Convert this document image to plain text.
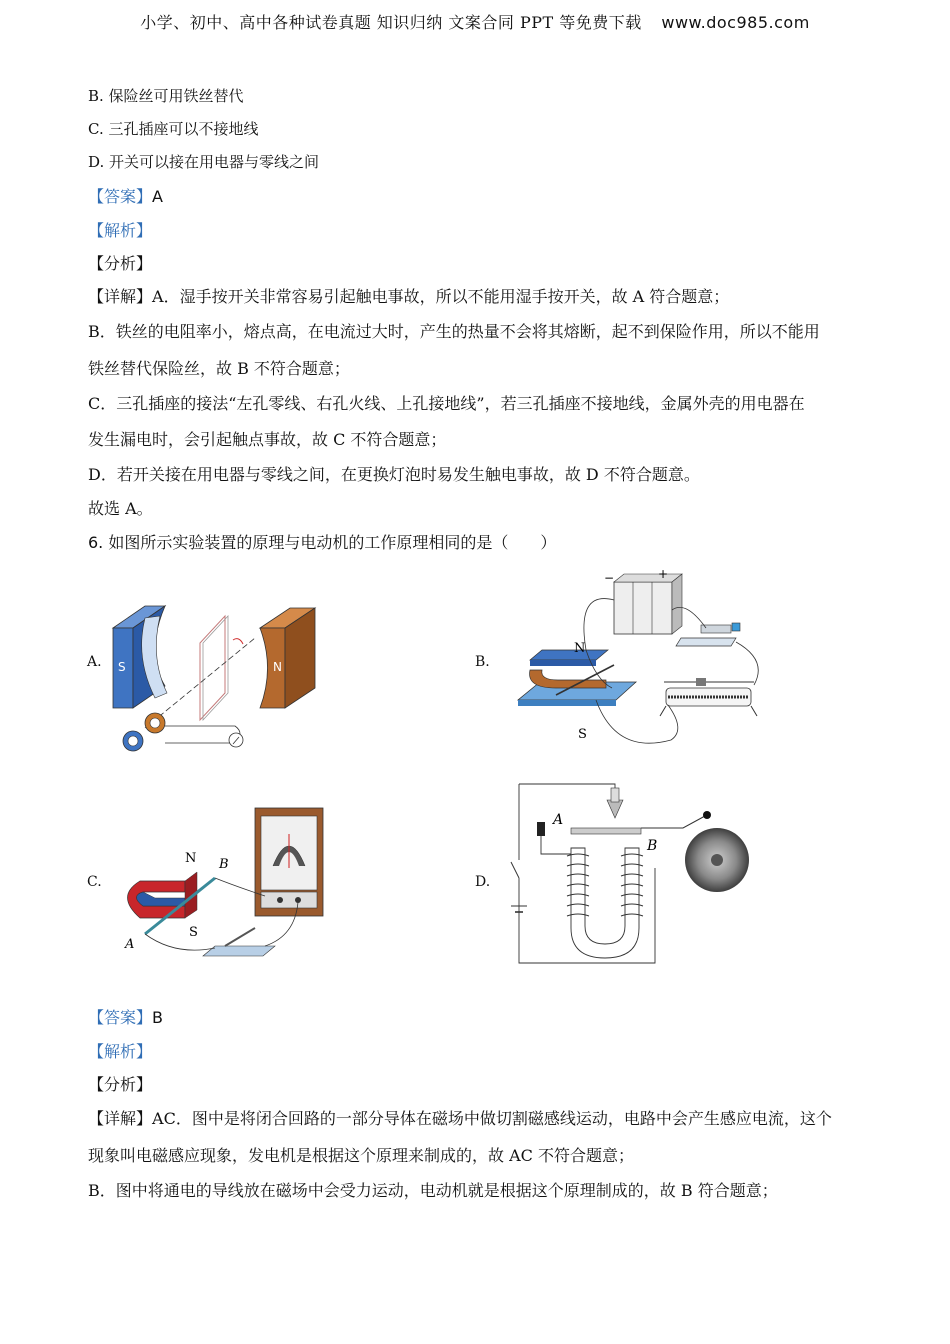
小学、初中、高中各种试卷真题 知识归纳 文案合同 PPT 等免费下载 www.doc985.com
B. 保险丝可用铁丝替代
C. 三孔插座可以不接地线
D. 开关可以接在用电器与零线之间
【答案】A
【解析】
【分析】
【详解】A．湿手按开关非常容易引起触电事故，所以不能用湿手按开关，故 A 符合题意；
B．铁丝的电阻率小，熔点高，在电流过大时，产生的热量不会将其熔断，起不到保险作用，所以不能用
铁丝替代保险丝，故 B 不符合题意；
C．三孔插座的接法“左孔零线、右孔火线、上孔接地线”，若三孔插座不接地线，金属外壳的用电器在
发生漏电时，会引起触点事故，故 C 不符合题意；
D．若开关接在用电器与零线之间，在更换灯泡时易发生触电事故，故 D 不符合题意。
故选 A。
6. 如图所示实验装置的原理与电动机的工作原理相同的是（　　）
A.	B.
C.	D.
S	N
−	+
N
S
N B
S
A
A
B
【答案】B
【解析】
【分析】
【详解】AC．图中是将闭合回路的一部分导体在磁场中做切割磁感线运动，电路中会产生感应电流，这个
现象叫电磁感应现象，发电机是根据这个原理来制成的，故 AC 不符合题意；
B．图中将通电的导线放在磁场中会受力运动，电动机就是根据这个原理制成的，故 B 符合题意；
